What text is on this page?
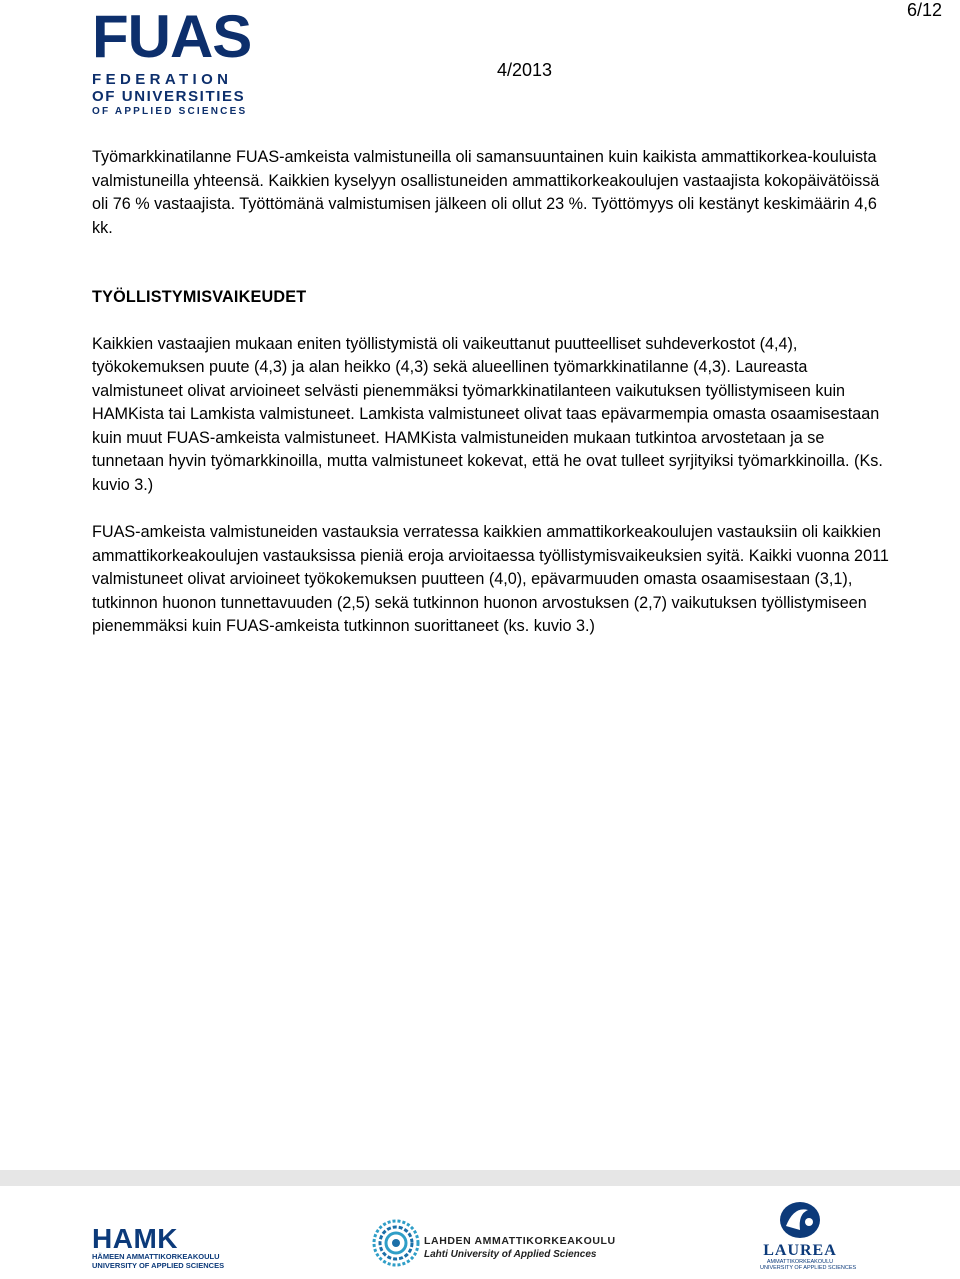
6/12
FUAS
FEDERATION
OF UNIVERSITIES
OF APPLIED SCIENCES
4/2013

Työmarkkinatilanne FUAS-amkeista valmistuneilla oli samansuuntainen kuin kaikista ammattikorkea-kouluista valmistuneilla yhteensä. Kaikkien kyselyyn osallistuneiden ammattikorkeakoulujen vastaajista kokopäivätöissä oli 76 % vastaajista. Työttömänä valmistumisen jälkeen oli ollut 23 %. Työttömyys oli kestänyt keskimäärin 4,6 kk.

TYÖLLISTYMISVAIKEUDET

Kaikkien vastaajien mukaan eniten työllistymistä oli vaikeuttanut puutteelliset suhdeverkostot (4,4), työkokemuksen puute (4,3) ja alan heikko (4,3) sekä alueellinen työmarkkinatilanne (4,3). Laureasta valmistuneet olivat arvioineet selvästi pienemmäksi työmarkkinatilanteen vaikutuksen työllistymiseen kuin HAMKista tai Lamkista valmistuneet. Lamkista valmistuneet olivat taas epävarmempia omasta osaamisestaan kuin muut FUAS-amkeista valmistuneet. HAMKista valmistuneiden mukaan tutkintoa arvostetaan ja se tunnetaan hyvin työmarkkinoilla, mutta valmistuneet kokevat, että he ovat tulleet syrjityiksi työmarkkinoilla. (Ks. kuvio 3.)

FUAS-amkeista valmistuneiden vastauksia verratessa kaikkien ammattikorkeakoulujen vastauksiin oli kaikkien ammattikorkeakoulujen vastauksissa pieniä eroja arvioitaessa työllistymisvaikeuksien syitä. Kaikki vuonna 2011 valmistuneet olivat arvioineet työkokemuksen puutteen (4,0), epävarmuuden omasta osaamisestaan (3,1), tutkinnon huonon tunnettavuuden (2,5) sekä tutkinnon huonon arvostuksen (2,7) vaikutuksen työllistymiseen pienemmäksi kuin FUAS-amkeista tutkinnon suorittaneet (ks. kuvio 3.)

HAMK
HÄMEEN AMMATTIKORKEAKOULU
UNIVERSITY OF APPLIED SCIENCES
LAHDEN AMMATTIKORKEAKOULU
Lahti University of Applied Sciences	LAUREA
AMMATTIKORKEAKOULU
UNIVERSITY OF APPLIED SCIENCES
